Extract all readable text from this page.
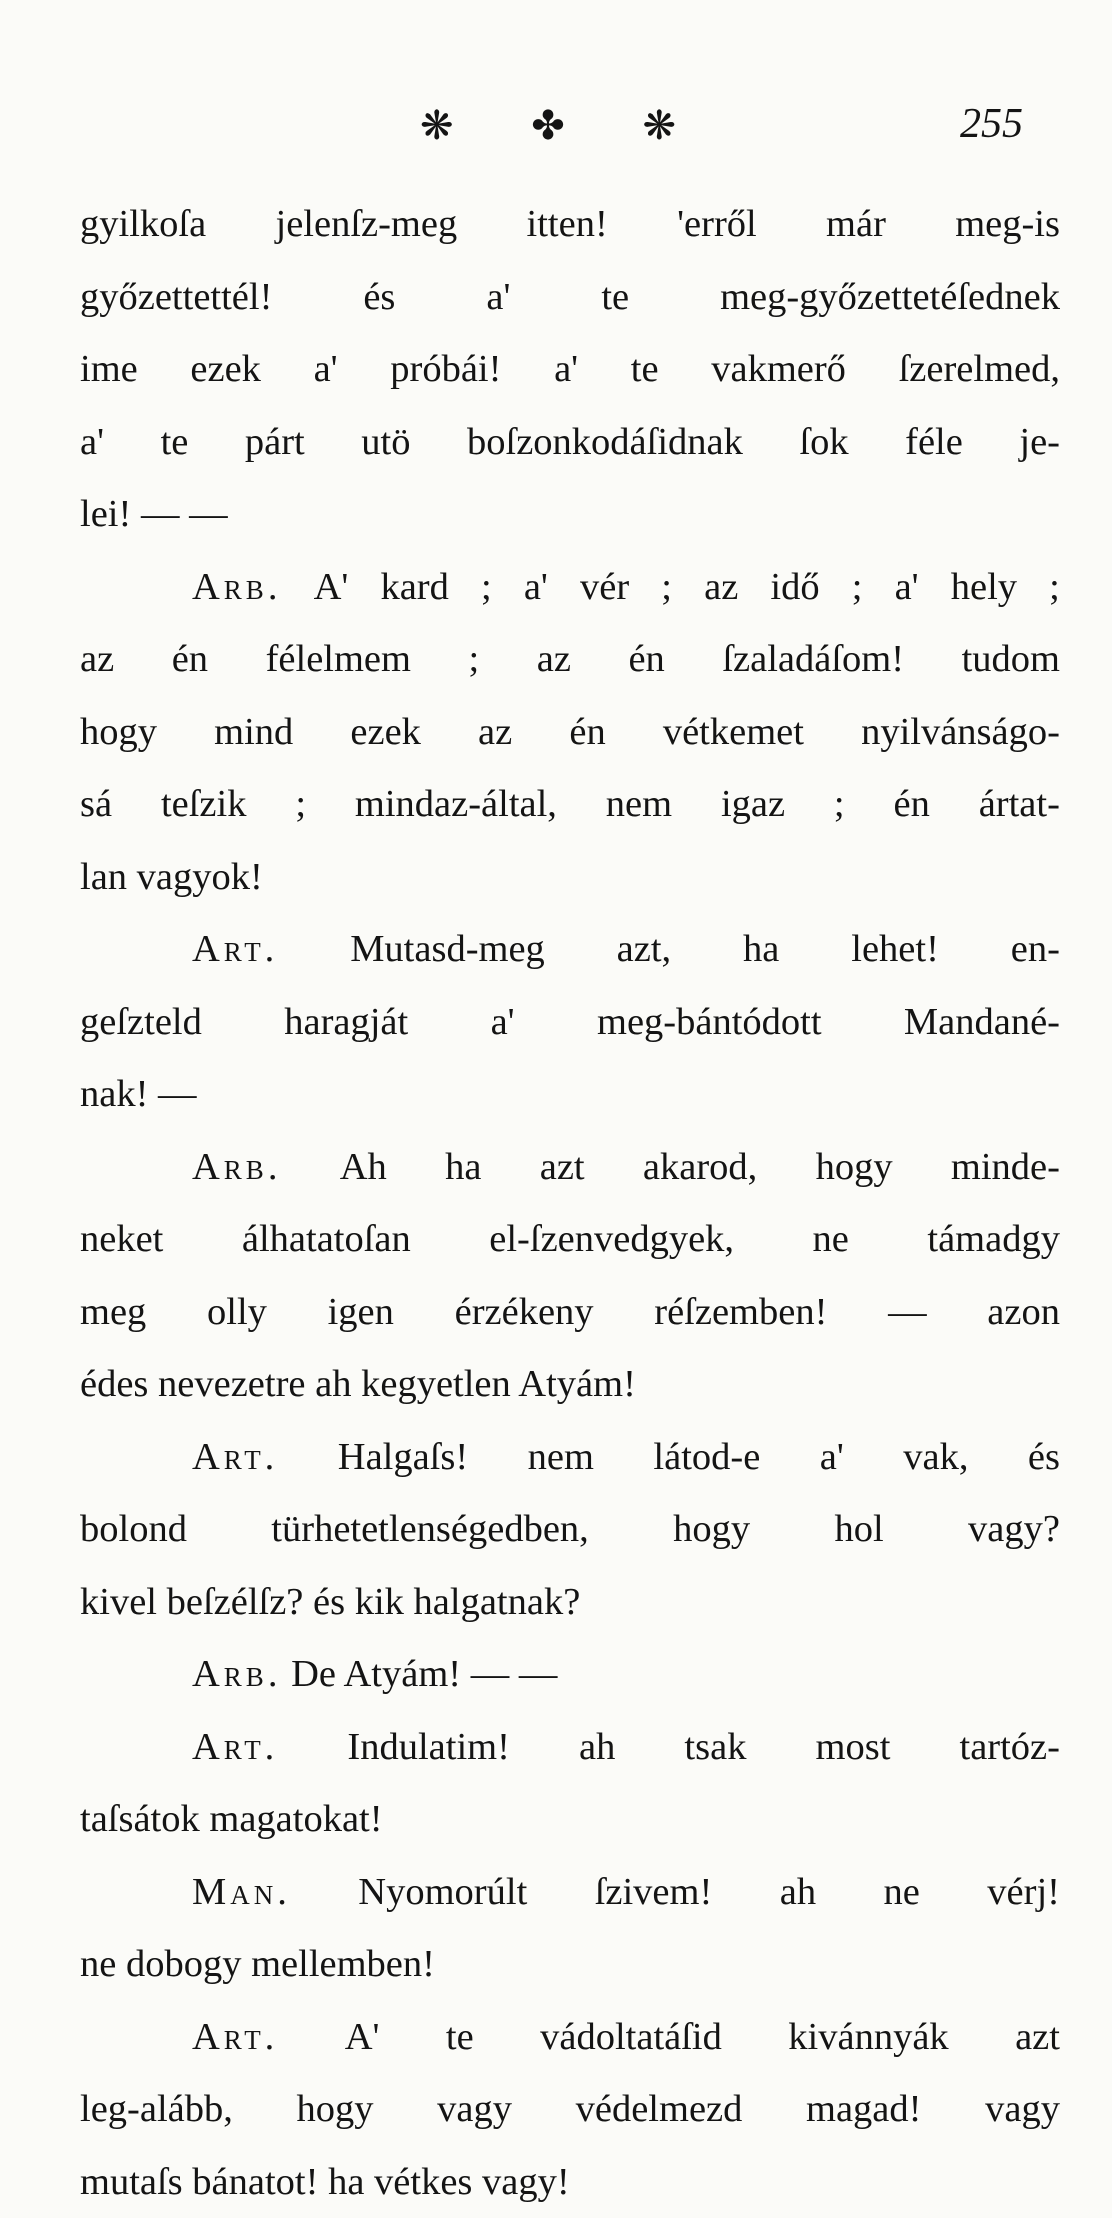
❋ ✤ ❋	255
gyilkoſa jelenſz-meg itten! 'erről már meg-is
győzettettél! és a' te meg-győzettetéſednek
ime ezek a' próbái! a' te vakmerő ſzerelmed,
a' te párt utö boſzonkodáſidnak ſok féle je-
lei! — —
Arb. A' kard ; a' vér ; az idő ; a' hely ;
az én félelmem ; az én ſzaladáſom! tudom
hogy mind ezek az én vétkemet nyilvánságo-
sá teſzik ; mindaz-által, nem igaz ; én ártat-
lan vagyok!
Art. Mutasd-meg azt, ha lehet! en-
geſzteld haragját a' meg-bántódott Mandané-
nak! —
Arb. Ah ha azt akarod, hogy minde-
neket álhatatoſan el-ſzenvedgyek, ne támadgy
meg olly igen érzékeny réſzemben! — azon
édes nevezetre ah kegyetlen Atyám!
Art. Halgaſs! nem látod-e a' vak, és
bolond türhetetlenségedben, hogy hol vagy?
kivel beſzélſz? és kik halgatnak?
Arb. De Atyám! — —
Art. Indulatim! ah tsak most tartóz-
taſsátok magatokat!
Man. Nyomorúlt ſzivem! ah ne vérj!
ne dobogy mellemben!
Art. A' te vádoltatáſid kivánnyák azt
leg-alább, hogy vagy védelmezd magad! vagy
mutaſs bánatot! ha vétkes vagy!
